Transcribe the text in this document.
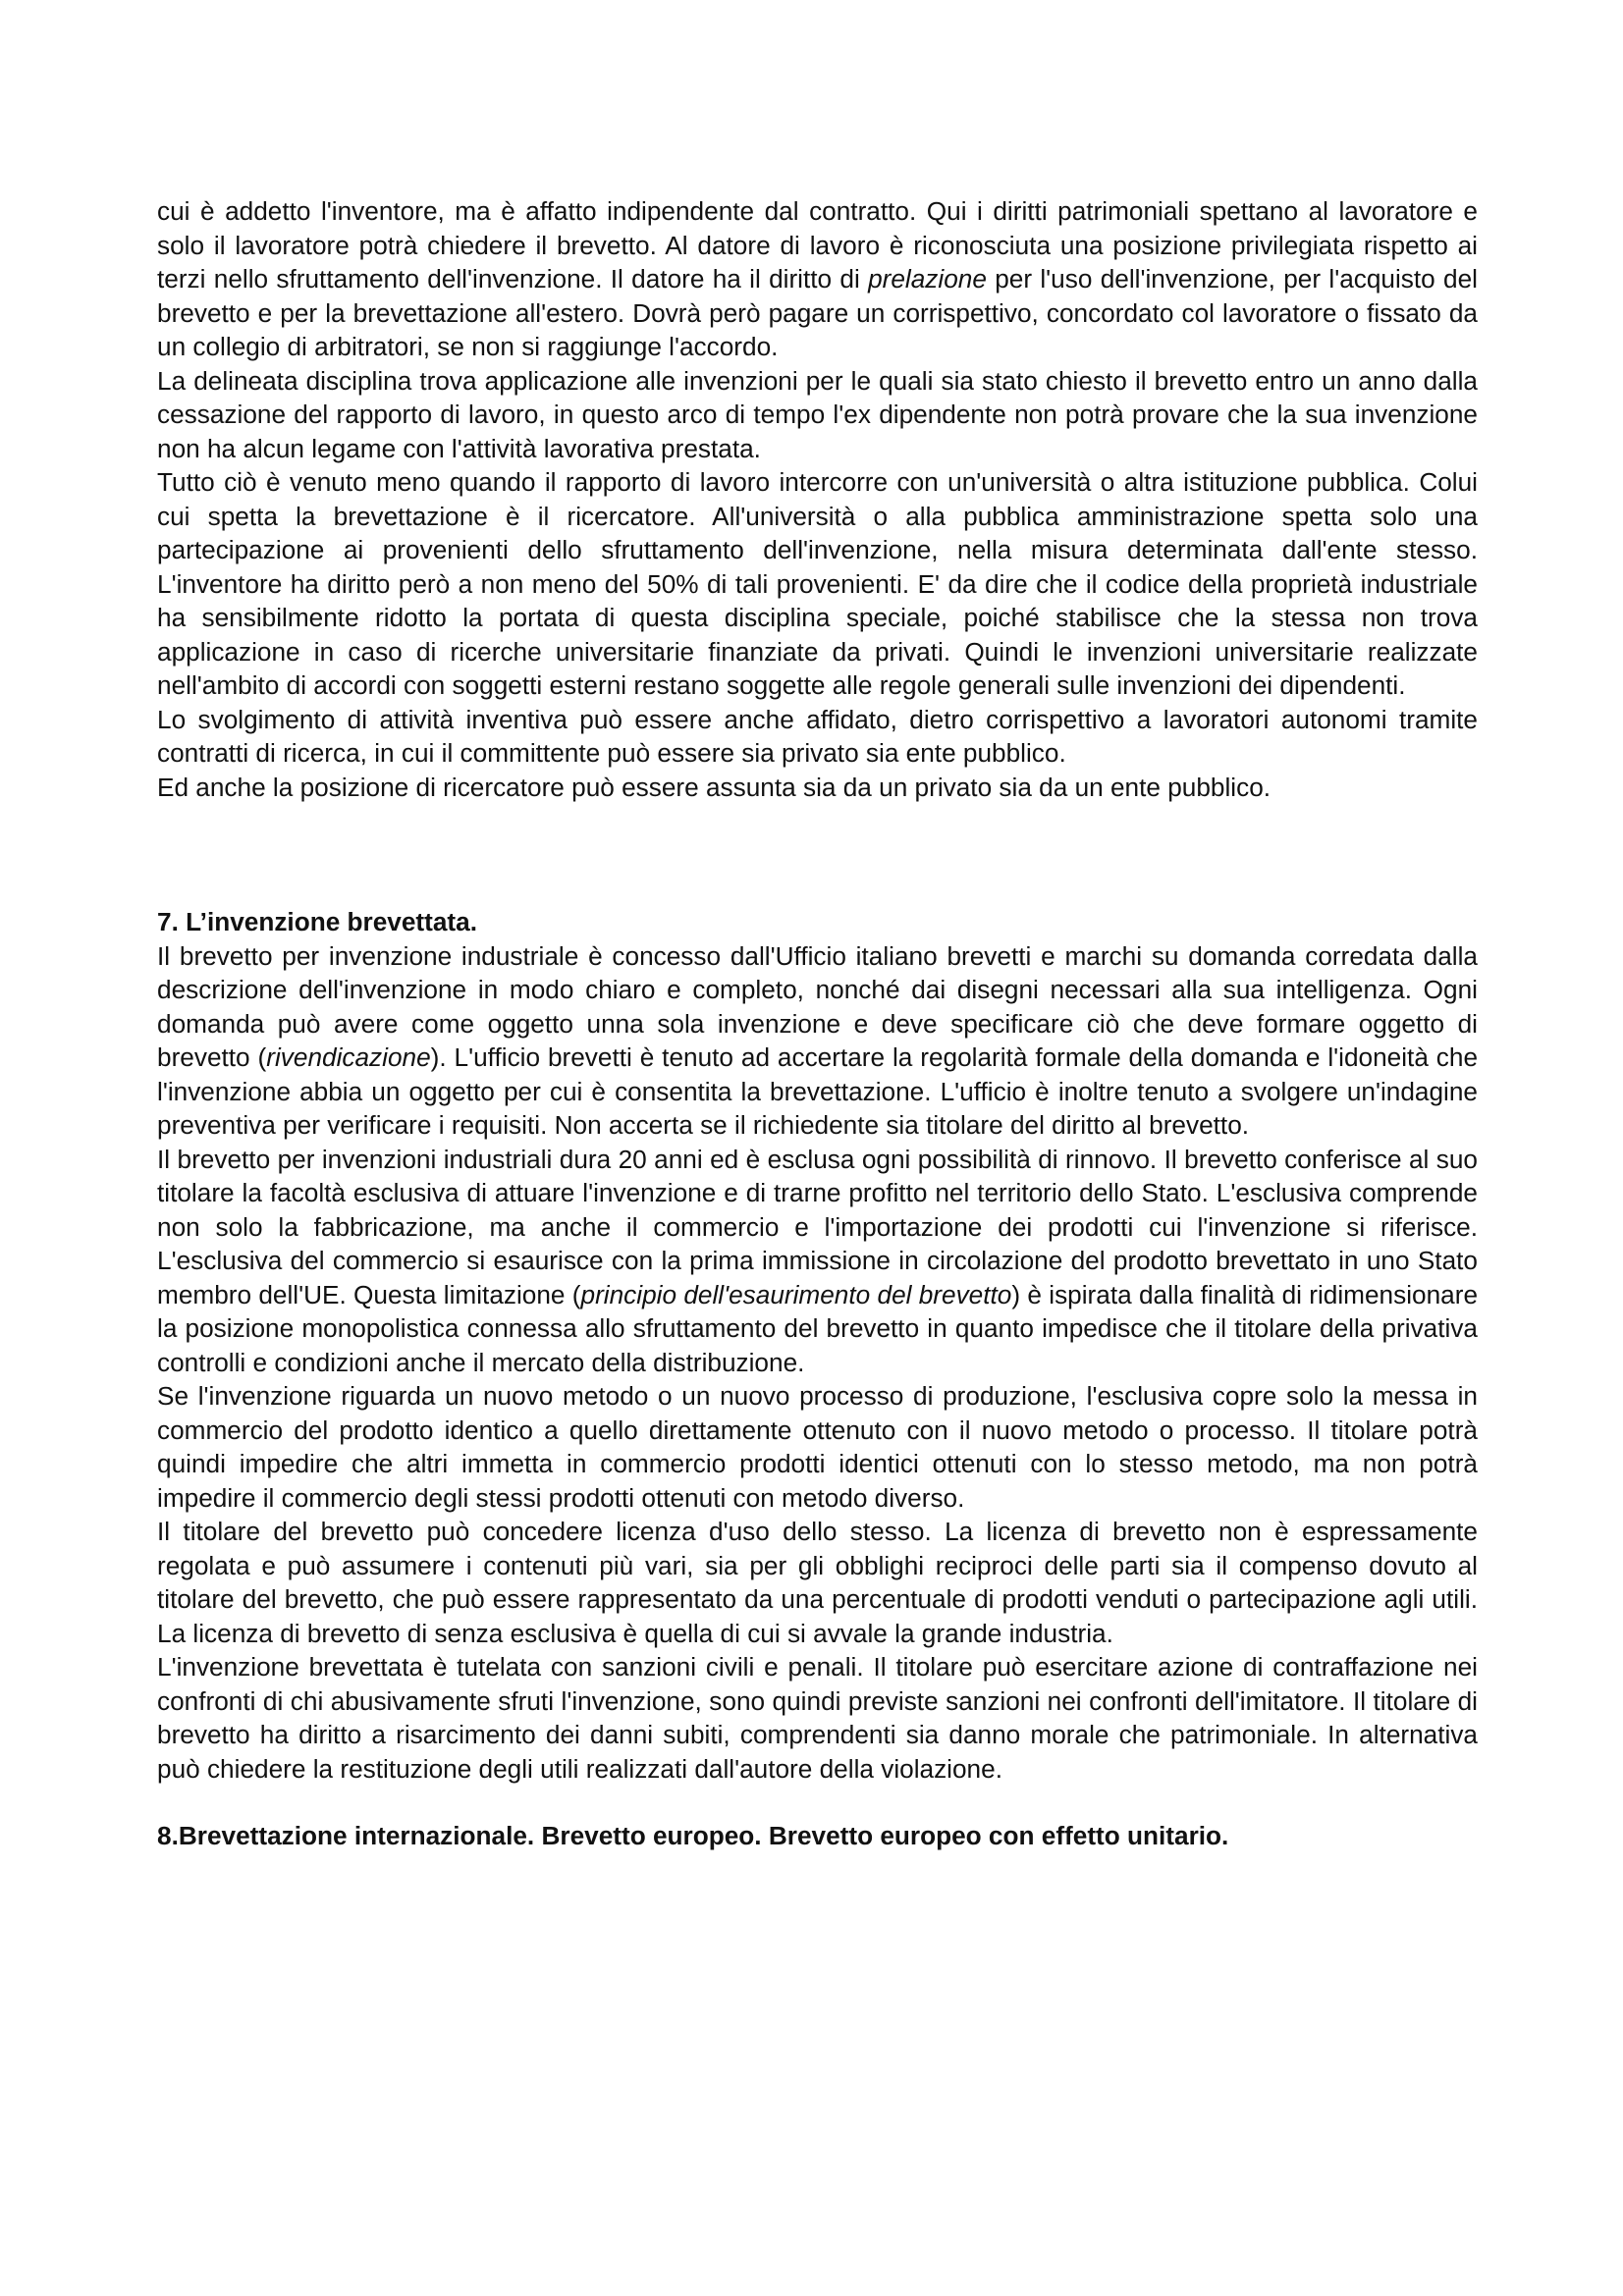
cui è addetto l'inventore, ma è affatto indipendente dal contratto. Qui i diritti patrimoniali spettano al lavoratore e solo il lavoratore potrà chiedere il brevetto. Al datore di lavoro è riconosciuta una posizione privilegiata rispetto ai terzi nello sfruttamento dell'invenzione. Il datore ha il diritto di prelazione per l'uso dell'invenzione, per l'acquisto del brevetto e per la brevettazione all'estero. Dovrà però pagare un corrispettivo, concordato col lavoratore o fissato da un collegio di arbitratori, se non si raggiunge l'accordo.

La delineata disciplina trova applicazione alle invenzioni per le quali sia stato chiesto il brevetto entro un anno dalla cessazione del rapporto di lavoro, in questo arco di tempo l'ex dipendente non potrà provare che la sua invenzione non ha alcun legame con l'attività lavorativa prestata.

Tutto ciò è venuto meno quando il rapporto di lavoro intercorre con un'università o altra istituzione pubblica. Colui cui spetta la brevettazione è il ricercatore. All'università o alla pubblica amministrazione spetta solo una partecipazione ai provenienti dello sfruttamento dell'invenzione, nella misura determinata dall'ente stesso. L'inventore ha diritto però a non meno del 50% di tali provenienti. E' da dire che il codice della proprietà industriale ha sensibilmente ridotto la portata di questa disciplina speciale, poiché stabilisce che la stessa non trova applicazione in caso di ricerche universitarie finanziate da privati. Quindi le invenzioni universitarie realizzate nell'ambito di accordi con soggetti esterni restano soggette alle regole generali sulle invenzioni dei dipendenti.

Lo svolgimento di attività inventiva può essere anche affidato, dietro corrispettivo a lavoratori autonomi tramite contratti di ricerca, in cui il committente può essere sia privato sia ente pubblico.

Ed anche la posizione di ricercatore può essere assunta sia da un privato sia da un ente pubblico.

7. L’invenzione brevettata.

Il brevetto per invenzione industriale è concesso dall'Ufficio italiano brevetti e marchi su domanda corredata dalla descrizione dell'invenzione in modo chiaro e completo, nonché dai disegni necessari alla sua intelligenza. Ogni domanda può avere come oggetto unna sola invenzione e deve specificare ciò che deve formare oggetto di brevetto (rivendicazione). L'ufficio brevetti è tenuto ad accertare la regolarità formale della domanda e l'idoneità che l'invenzione abbia un oggetto per cui è consentita la brevettazione. L'ufficio è inoltre tenuto a svolgere un'indagine preventiva per verificare i requisiti. Non accerta se il richiedente sia titolare del diritto al brevetto.

Il brevetto per invenzioni industriali dura 20 anni ed è esclusa ogni possibilità di rinnovo. Il brevetto conferisce al suo titolare la facoltà esclusiva di attuare l'invenzione e di trarne profitto nel territorio dello Stato. L'esclusiva comprende non solo la fabbricazione, ma anche il commercio e l'importazione dei prodotti cui l'invenzione si riferisce. L'esclusiva del commercio si esaurisce con la prima immissione in circolazione del prodotto brevettato in uno Stato membro dell'UE. Questa limitazione (principio dell'esaurimento del brevetto) è ispirata dalla finalità di ridimensionare la posizione monopolistica connessa allo sfruttamento del brevetto in quanto impedisce che il titolare della privativa controlli e condizioni anche il mercato della distribuzione.

Se l'invenzione riguarda un nuovo metodo o un nuovo processo di produzione, l'esclusiva copre solo la messa in commercio del prodotto identico a quello direttamente ottenuto con il nuovo metodo o processo. Il titolare potrà quindi impedire che altri immetta in commercio prodotti identici ottenuti con lo stesso metodo, ma non potrà impedire il commercio degli stessi prodotti ottenuti con metodo diverso.

Il titolare del brevetto può concedere licenza d'uso dello stesso. La licenza di brevetto non è espressamente regolata e può assumere i contenuti più vari, sia per gli obblighi reciproci delle parti sia il compenso dovuto al titolare del brevetto, che può essere rappresentato da una percentuale di prodotti venduti o partecipazione agli utili. La licenza di brevetto di senza esclusiva è quella di cui si avvale la grande industria.

L'invenzione brevettata è tutelata con sanzioni civili e penali. Il titolare può esercitare azione di contraffazione nei confronti di chi abusivamente sfruti l'invenzione, sono quindi previste sanzioni nei confronti dell'imitatore. Il titolare di brevetto ha diritto a risarcimento dei danni subiti, comprendenti sia danno morale che patrimoniale. In alternativa può chiedere la restituzione degli utili realizzati dall'autore della violazione.

8.Brevettazione internazionale. Brevetto europeo. Brevetto europeo con effetto unitario.
